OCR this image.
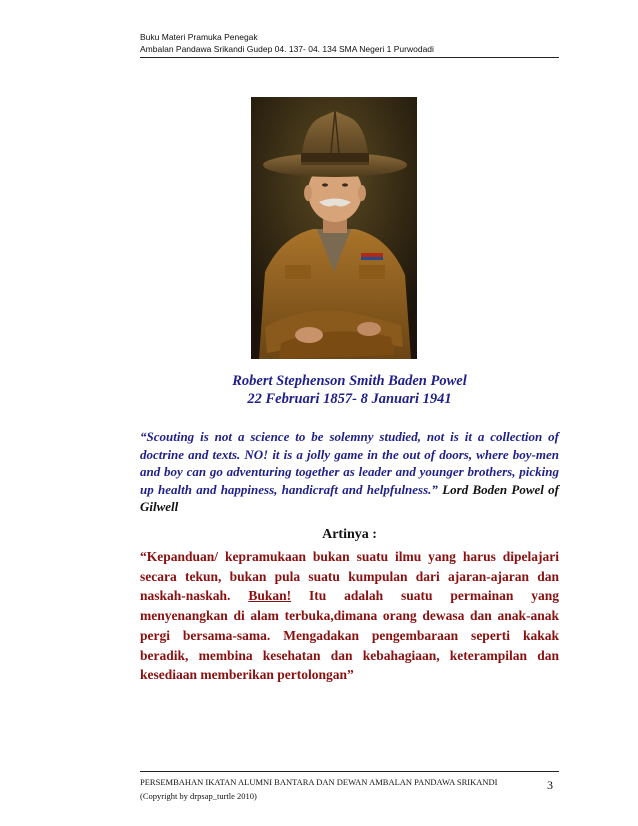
Buku Materi Pramuka Penegak
Ambalan Pandawa Srikandi Gudep 04. 137- 04. 134 SMA Negeri 1 Purwodadi
Robert Stephenson Smith Baden Powel
22 Februari 1857- 8 Januari 1941
“Scouting is not a science to be solemny studied, not is it a collection of doctrine and texts. NO! it is a jolly game in the out of doors, where boy-men and boy can go adventuring together as leader and younger brothers, picking up health and happiness, handicraft and helpfulness.” Lord Boden Powel of Gilwell
Artinya :
“Kepanduan/ kepramukaan bukan suatu ilmu yang harus dipelajari secara tekun, bukan pula suatu kumpulan dari ajaran-ajaran dan naskah-naskah. Bukan! Itu adalah suatu permainan yang menyenangkan di alam terbuka,dimana orang dewasa dan anak-anak pergi bersama-sama. Mengadakan pengembaraan seperti kakak beradik, membina kesehatan dan kebahagiaan, keterampilan dan kesediaan memberikan pertolongan”
PERSEMBAHAN IKATAN ALUMNI BANTARA DAN DEWAN AMBALAN PANDAWA SRIKANDI
(Copyright by drpsap_turtle 2010)
3
